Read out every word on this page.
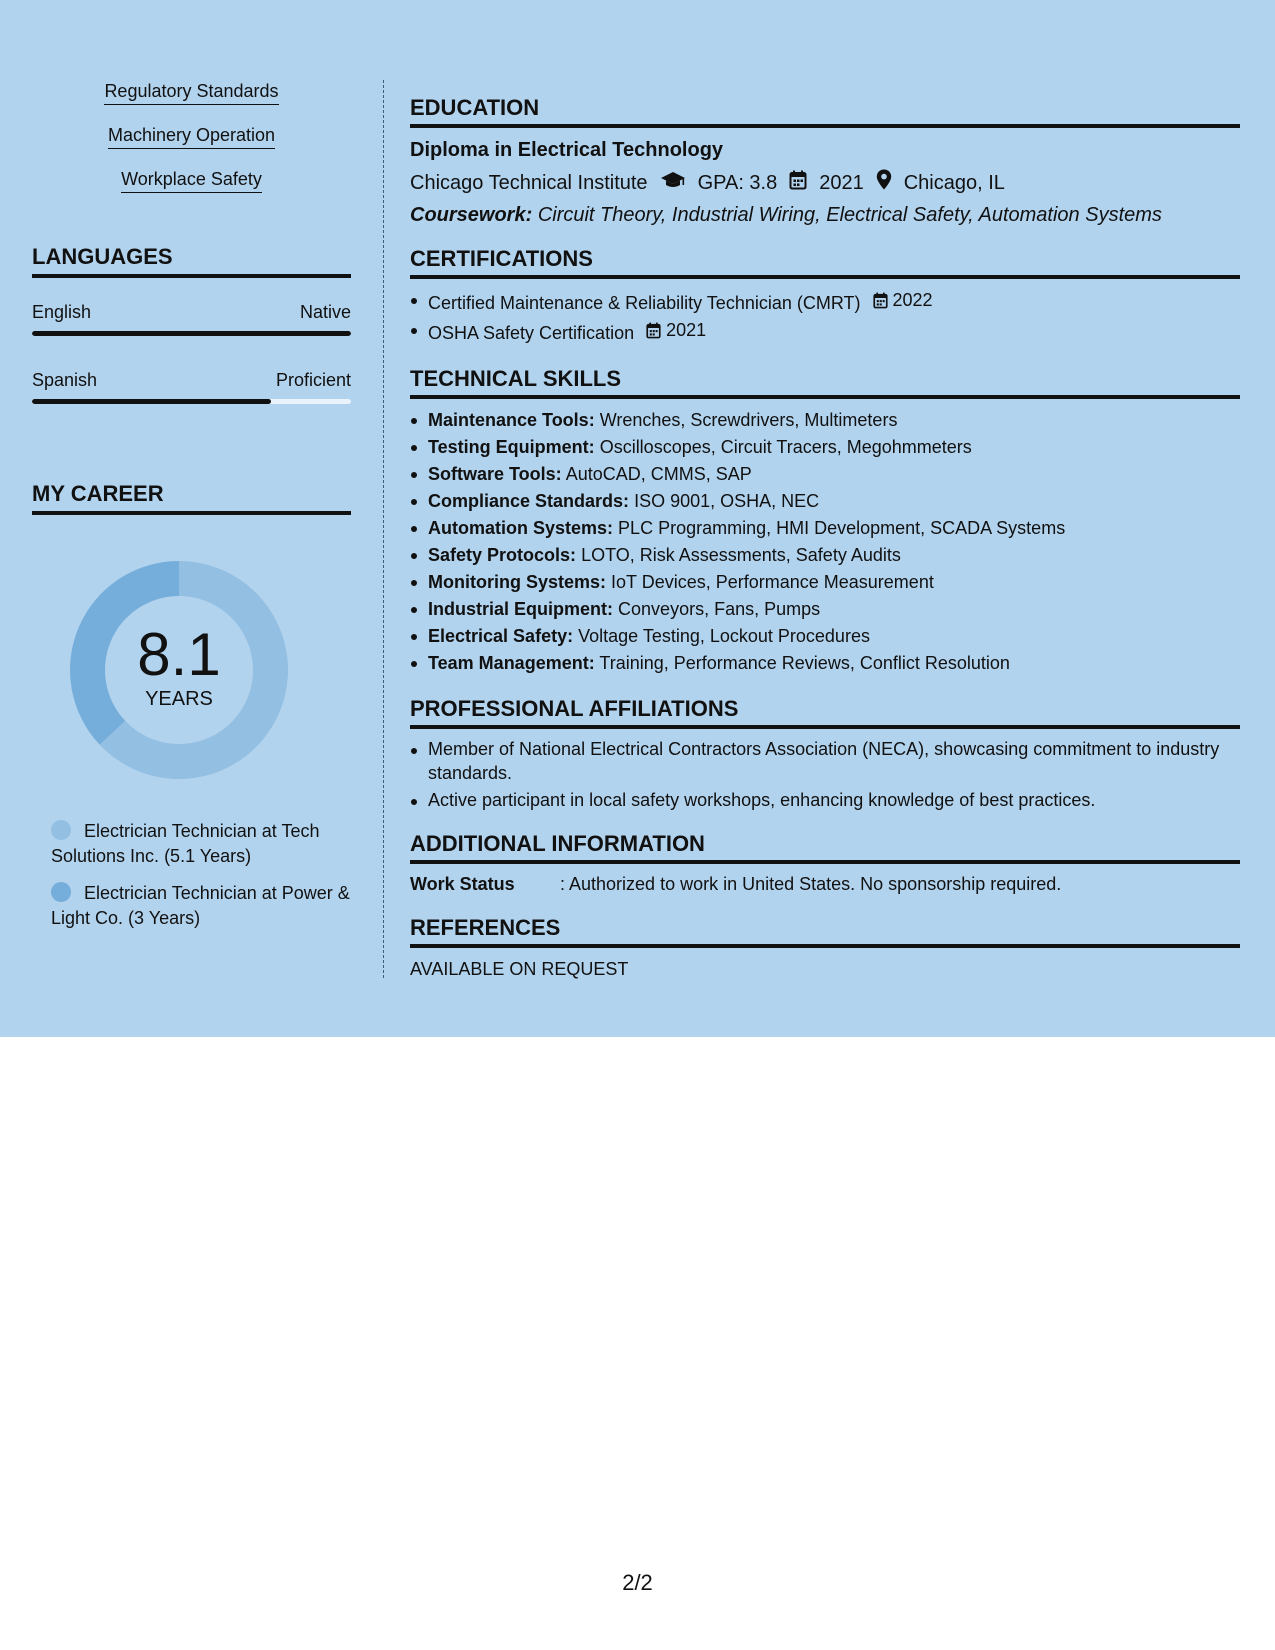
Regulatory Standards
Machinery Operation
Workplace Safety
LANGUAGES
English	Native
Spanish	Proficient
MY CAREER
8.1
YEARS
Electrician Technician at Tech Solutions Inc. (5.1 Years)
Electrician Technician at Power & Light Co. (3 Years)
EDUCATION
Diploma in Electrical Technology
Chicago Technical Institute	GPA: 3.8 2021 Chicago, IL
Coursework: Circuit Theory, Industrial Wiring, Electrical Safety, Automation Systems
CERTIFICATIONS
Certified Maintenance & Reliability Technician (CMRT) 2022
OSHA Safety Certification 2021
TECHNICAL SKILLS
Maintenance Tools: Wrenches, Screwdrivers, Multimeters
Testing Equipment: Oscilloscopes, Circuit Tracers, Megohmmeters
Software Tools: AutoCAD, CMMS, SAP
Compliance Standards: ISO 9001, OSHA, NEC
Automation Systems: PLC Programming, HMI Development, SCADA Systems
Safety Protocols: LOTO, Risk Assessments, Safety Audits
Monitoring Systems: IoT Devices, Performance Measurement
Industrial Equipment: Conveyors, Fans, Pumps
Electrical Safety: Voltage Testing, Lockout Procedures
Team Management: Training, Performance Reviews, Conflict Resolution
PROFESSIONAL AFFILIATIONS
Member of National Electrical Contractors Association (NECA), showcasing commitment to industry standards.
Active participant in local safety workshops, enhancing knowledge of best practices.
ADDITIONAL INFORMATION
Work Status	: Authorized to work in United States. No sponsorship required.
REFERENCES
AVAILABLE ON REQUEST
2/2
